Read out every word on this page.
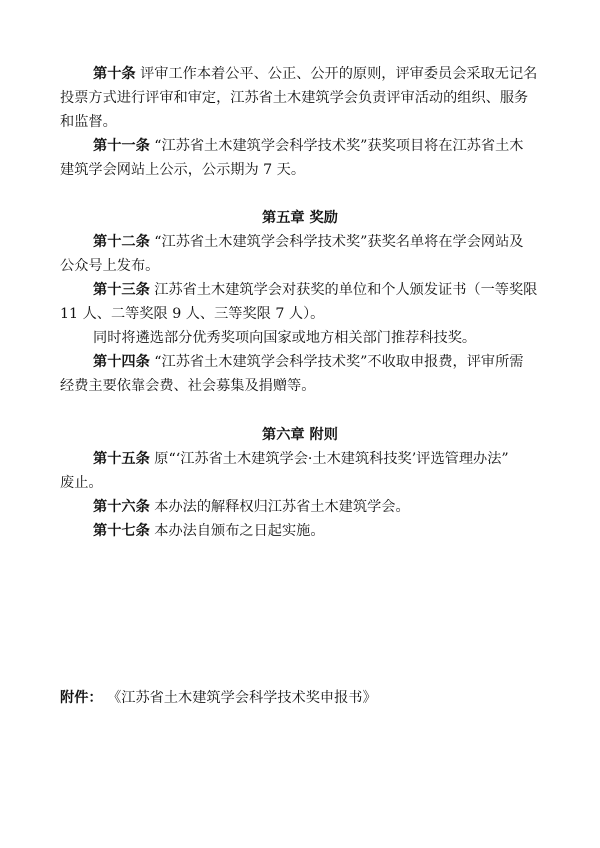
第十条 评审工作本着公平、公正、公开的原则，评审委员会采取无记名
投票方式进行评审和审定，江苏省土木建筑学会负责评审活动的组织、服务
和监督。
第十一条 “江苏省土木建筑学会科学技术奖”获奖项目将在江苏省土木
建筑学会网站上公示，公示期为 7 天。
第五章 奖励
第十二条 “江苏省土木建筑学会科学技术奖”获奖名单将在学会网站及
公众号上发布。
第十三条 江苏省土木建筑学会对获奖的单位和个人颁发证书（一等奖限
11 人、二等奖限 9 人、三等奖限 7 人）。
同时将遴选部分优秀奖项向国家或地方相关部门推荐科技奖。
第十四条 “江苏省土木建筑学会科学技术奖”不收取申报费，评审所需
经费主要依靠会费、社会募集及捐赠等。
第六章 附则
第十五条 原“‘江苏省土木建筑学会·土木建筑科技奖’评选管理办法”
废止。
第十六条 本办法的解释权归江苏省土木建筑学会。
第十七条 本办法自颁布之日起实施。
附件： 《江苏省土木建筑学会科学技术奖申报书》
